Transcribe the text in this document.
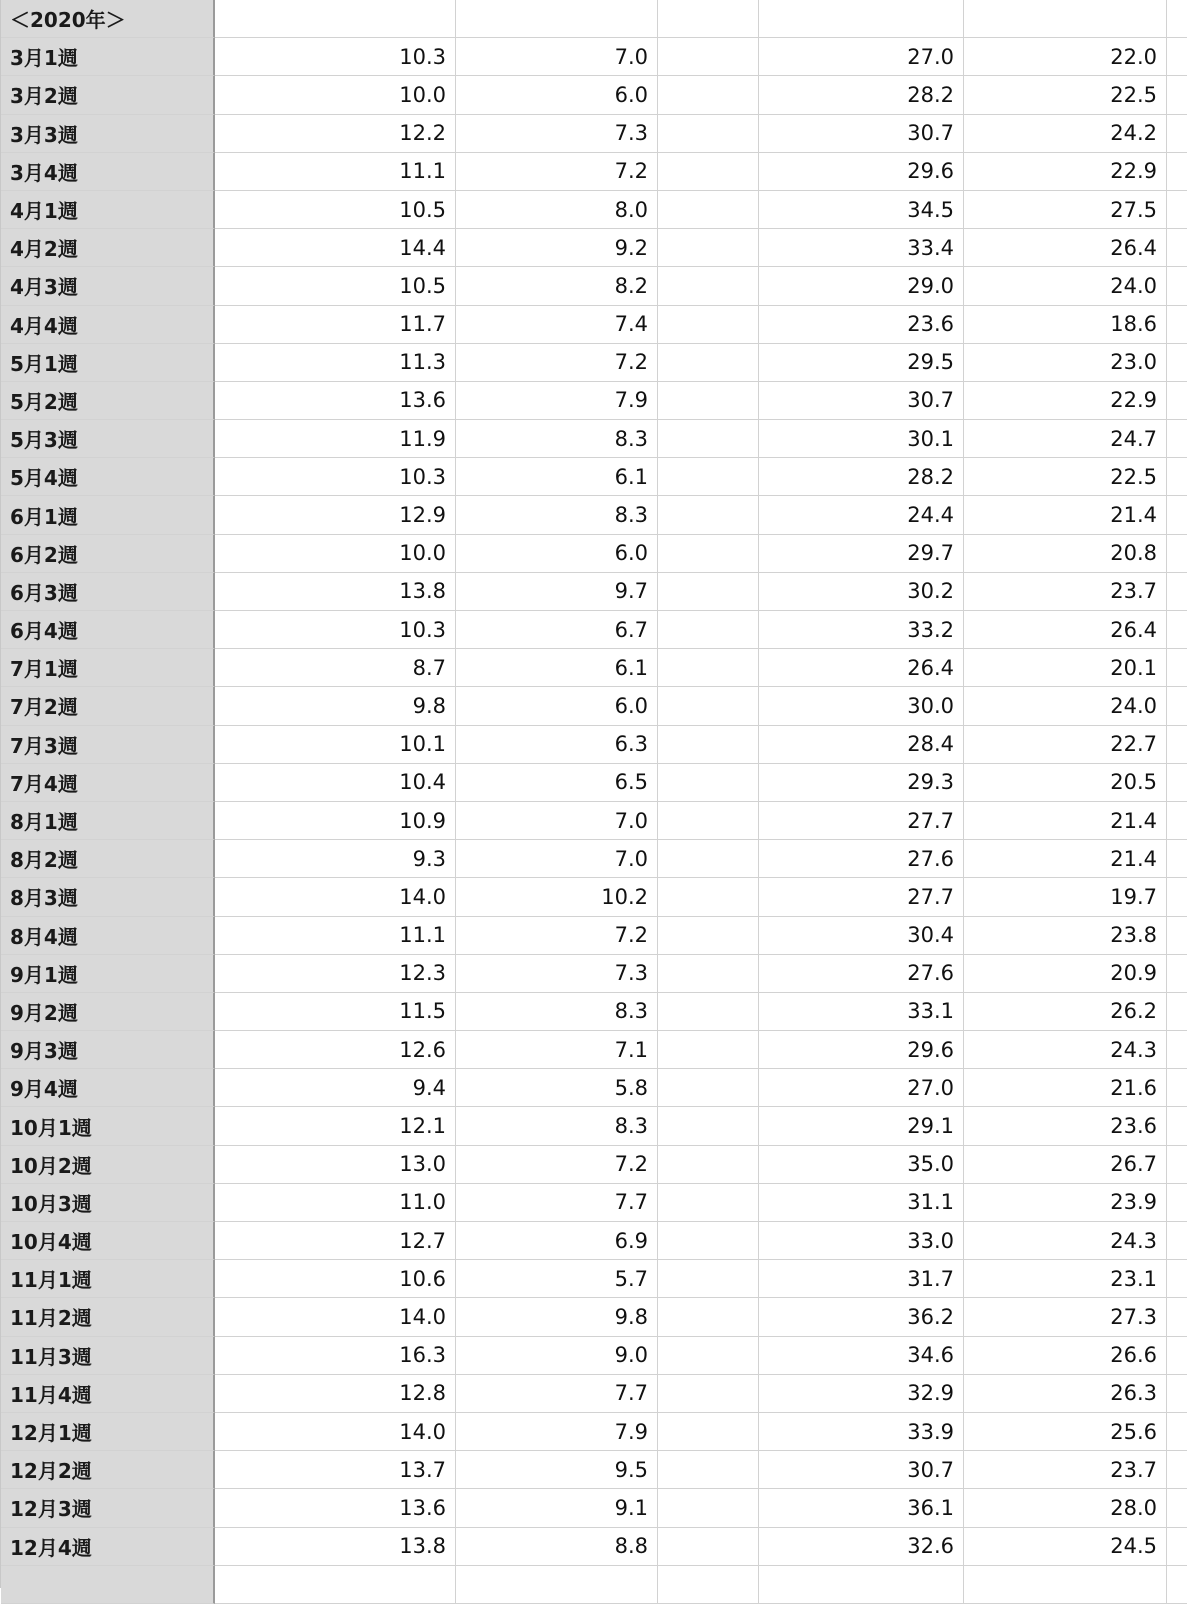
＜2020年＞
3月1週	10.3	7.0	27.0	22.0
3月2週	10.0	6.0	28.2	22.5
3月3週	12.2	7.3	30.7	24.2
3月4週	11.1	7.2	29.6	22.9
4月1週	10.5	8.0	34.5	27.5
4月2週	14.4	9.2	33.4	26.4
4月3週	10.5	8.2	29.0	24.0
4月4週	11.7	7.4	23.6	18.6
5月1週	11.3	7.2	29.5	23.0
5月2週	13.6	7.9	30.7	22.9
5月3週	11.9	8.3	30.1	24.7
5月4週	10.3	6.1	28.2	22.5
6月1週	12.9	8.3	24.4	21.4
6月2週	10.0	6.0	29.7	20.8
6月3週	13.8	9.7	30.2	23.7
6月4週	10.3	6.7	33.2	26.4
7月1週	8.7	6.1	26.4	20.1
7月2週	9.8	6.0	30.0	24.0
7月3週	10.1	6.3	28.4	22.7
7月4週	10.4	6.5	29.3	20.5
8月1週	10.9	7.0	27.7	21.4
8月2週	9.3	7.0	27.6	21.4
8月3週	14.0	10.2	27.7	19.7
8月4週	11.1	7.2	30.4	23.8
9月1週	12.3	7.3	27.6	20.9
9月2週	11.5	8.3	33.1	26.2
9月3週	12.6	7.1	29.6	24.3
9月4週	9.4	5.8	27.0	21.6
10月1週	12.1	8.3	29.1	23.6
10月2週	13.0	7.2	35.0	26.7
10月3週	11.0	7.7	31.1	23.9
10月4週	12.7	6.9	33.0	24.3
11月1週	10.6	5.7	31.7	23.1
11月2週	14.0	9.8	36.2	27.3
11月3週	16.3	9.0	34.6	26.6
11月4週	12.8	7.7	32.9	26.3
12月1週	14.0	7.9	33.9	25.6
12月2週	13.7	9.5	30.7	23.7
12月3週	13.6	9.1	36.1	28.0
12月4週	13.8	8.8	32.6	24.5
